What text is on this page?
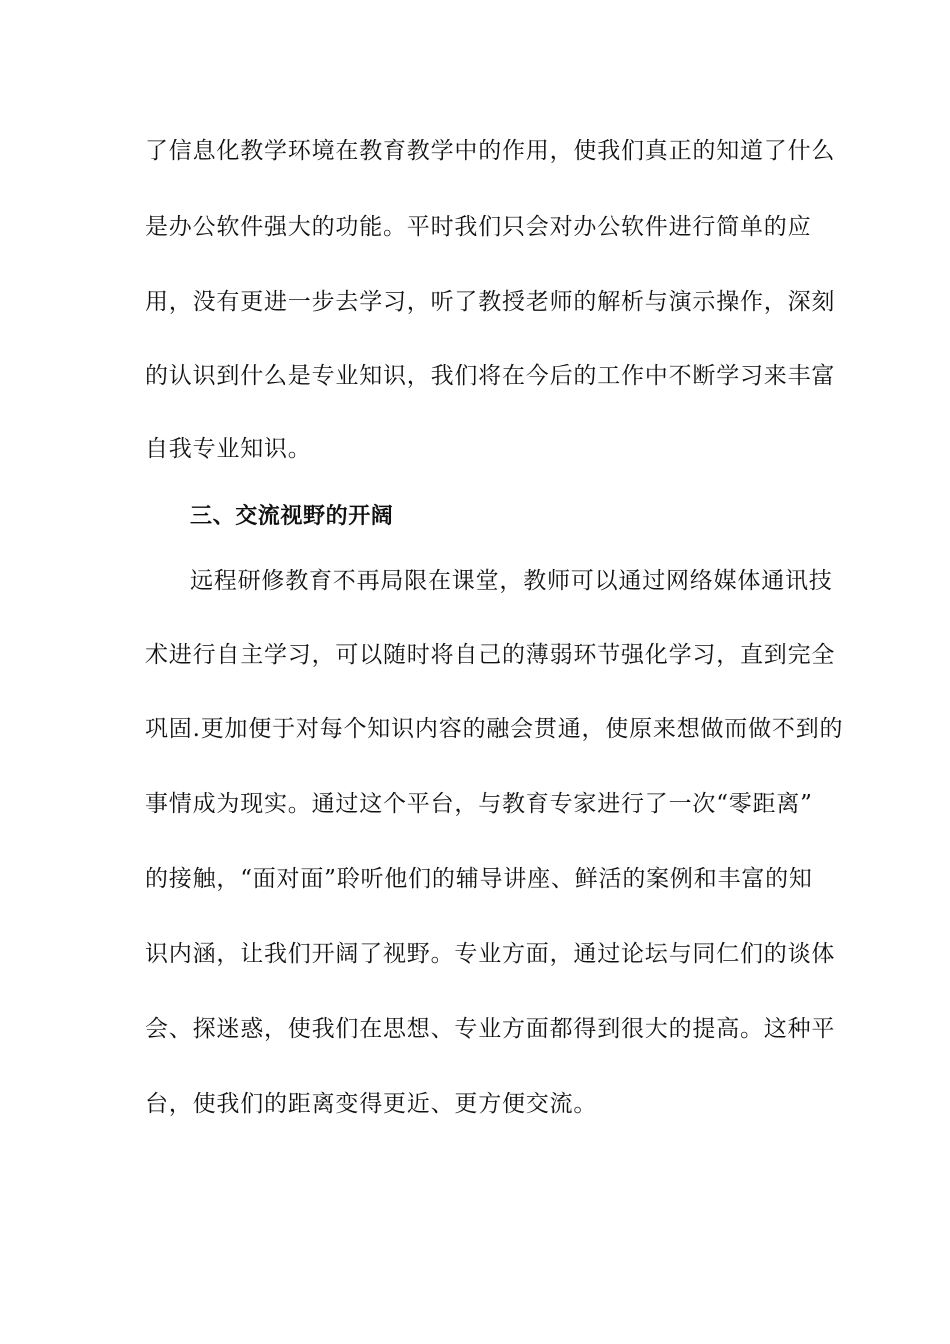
了信息化教学环境在教育教学中的作用，使我们真正的知道了什么
是办公软件强大的功能。平时我们只会对办公软件进行简单的应
用，没有更进一步去学习，听了教授老师的解析与演示操作，深刻
的认识到什么是专业知识，我们将在今后的工作中不断学习来丰富
自我专业知识。
三、交流视野的开阔
远程研修教育不再局限在课堂，教师可以通过网络媒体通讯技
术进行自主学习，可以随时将自己的薄弱环节强化学习，直到完全
巩固.更加便于对每个知识内容的融会贯通，使原来想做而做不到的
事情成为现实。通过这个平台，与教育专家进行了一次“零距离”
的接触，“面对面”聆听他们的辅导讲座、鲜活的案例和丰富的知
识内涵，让我们开阔了视野。专业方面，通过论坛与同仁们的谈体
会、探迷惑，使我们在思想、专业方面都得到很大的提高。这种平
台，使我们的距离变得更近、更方便交流。
